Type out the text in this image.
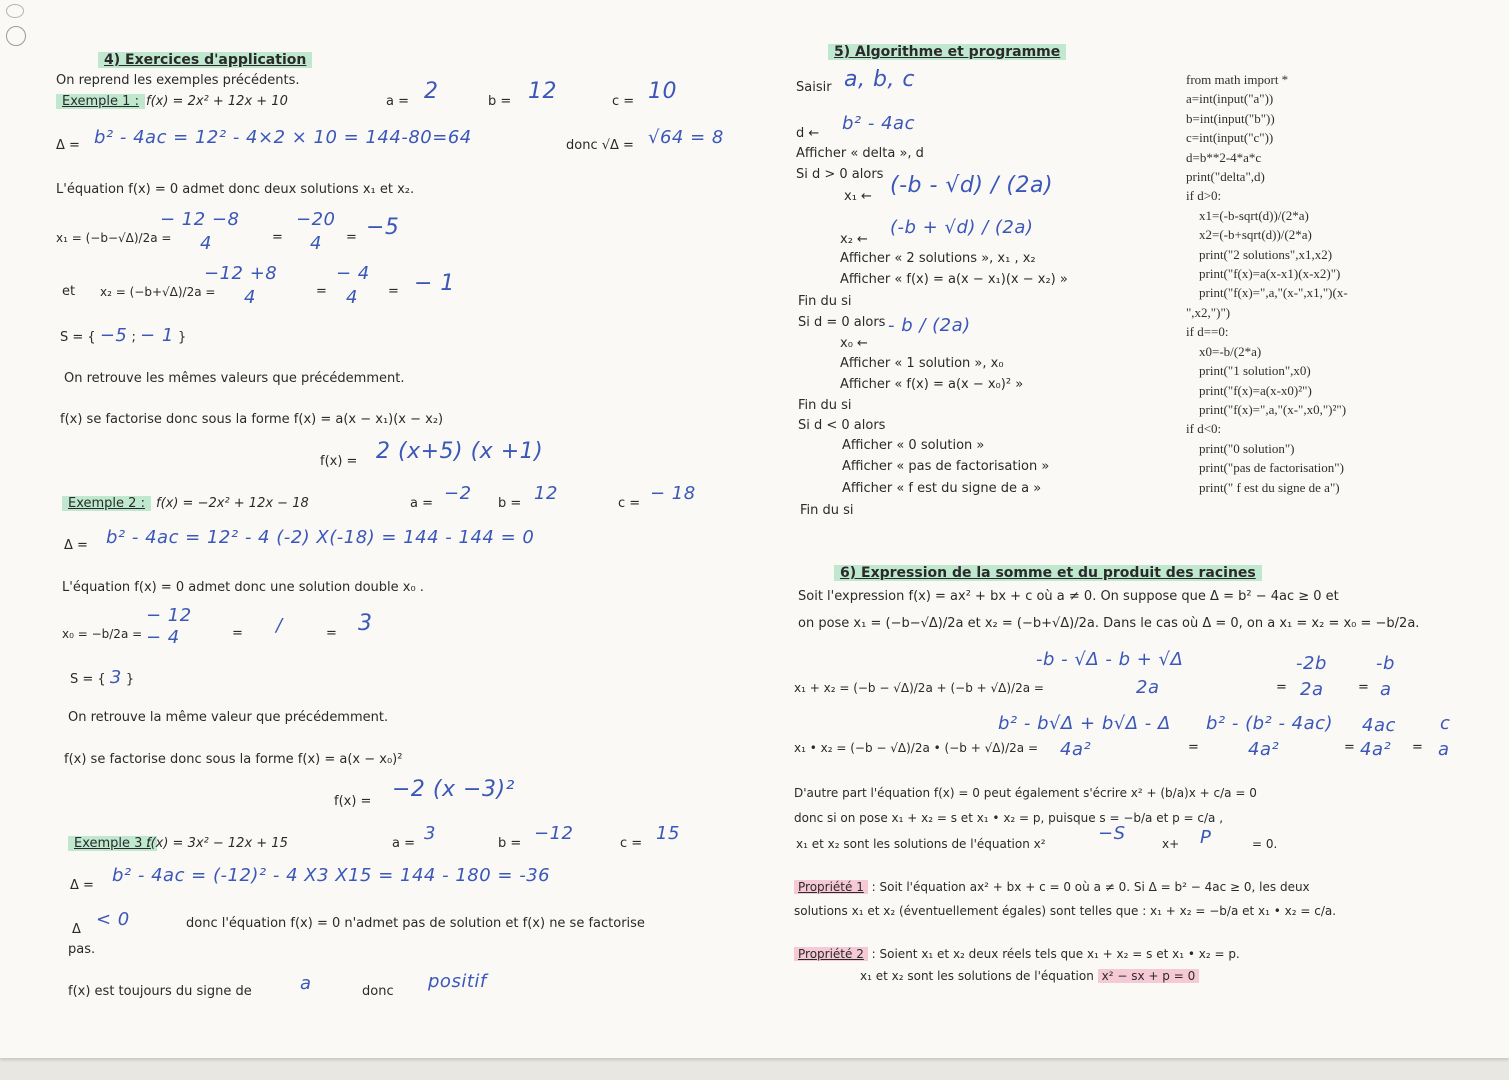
4) Exercices d'application
On reprend les exemples précédents.
Exemple 1 : f(x) = 2x² + 12x + 10	a = 2	b = 12	c = 10
Δ = b² - 4ac = 12² - 4×2 × 10 = 144-80=64	donc √Δ = √64 = 8
L'équation f(x) = 0 admet donc deux solutions x₁ et x₂.
x₁ = (−b−√Δ)/2a =
− 12 −8
4	=
−20
4 = −5
et x₂ = (−b+√Δ)/2a =
−12 +8
4	=
− 4
4 = − 1
S = { −5 ; − 1 }
On retrouve les mêmes valeurs que précédemment.
f(x) se factorise donc sous la forme f(x) = a(x − x₁)(x − x₂)
f(x) = 2 (x+5) (x +1)
Exemple 2 : f(x) = −2x² + 12x − 18	a = −2 b = 12	c = − 18
Δ = b² - 4ac = 12² - 4 (-2) X(-18) = 144 - 144 = 0
L'équation f(x) = 0 admet donc une solution double x₀ .
x₀ = −b/2a =
− 12
− 4	= /	= 3
S = { 3 }
On retrouve la même valeur que précédemment.
f(x) se factorise donc sous la forme f(x) = a(x − x₀)²
f(x) = −2 (x −3)²
Exemple 3 :
f(x) = 3x² − 12x + 15	a = 3	b = −12	c = 15
Δ = b² - 4ac = (-12)² - 4 X3 X15 = 144 - 180 = -36
Δ < 0	donc l'équation f(x) = 0 n'admet pas de solution et f(x) ne se factorise
pas.
f(x) est toujours du signe de	a	donc positif
5) Algorithme et programme
Saisir a, b, c
d ← b² - 4ac
Afficher « delta », d
Si d > 0 alors
x₁ ← (-b - √d) / (2a)
x₂ ←
(-b + √d) / (2a)
Afficher « 2 solutions », x₁ , x₂
Afficher « f(x) = a(x − x₁)(x − x₂) »
Fin du si
Si d = 0 alors
x₀ ←
- b / (2a)
Afficher « 1 solution », x₀
Afficher « f(x) = a(x − x₀)² »
Fin du si
Si d < 0 alors
Afficher « 0 solution »
Afficher « pas de factorisation »
Afficher « f est du signe de a »
Fin du si
from math import *
a=int(input("a"))
b=int(input("b"))
c=int(input("c"))
d=b**2-4*a*c
print("delta",d)
if d>0:
x1=(-b-sqrt(d))/(2*a)
x2=(-b+sqrt(d))/(2*a)
print("2 solutions",x1,x2)
print("f(x)=a(x-x1)(x-x2)")
print("f(x)=",a,"(x-",x1,")(x-
",x2,")")
if d==0:
x0=-b/(2*a)
print("1 solution",x0)
print("f(x)=a(x-x0)²")
print("f(x)=",a,"(x-",x0,")²")
if d<0:
print("0 solution")
print("pas de factorisation")
print(" f est du signe de a")
6) Expression de la somme et du produit des racines
Soit l'expression f(x) = ax² + bx + c où a ≠ 0. On suppose que Δ = b² − 4ac ≥ 0 et
on pose x₁ = (−b−√Δ)/2a et x₂ = (−b+√Δ)/2a. Dans le cas où Δ = 0, on a x₁ = x₂ = x₀ = −b/2a.
x₁ + x₂ = (−b − √Δ)/2a + (−b + √Δ)/2a =
-b - √Δ - b + √Δ
2a	=
-2b
2a	=
-b
a
x₁ • x₂ = (−b − √Δ)/2a • (−b + √Δ)/2a =
b² - b√Δ + b√Δ - Δ
4a²	=
b² - (b² - 4ac)
4a²	=
4ac
4a² =
c
a
D'autre part l'équation f(x) = 0 peut également s'écrire x² + (b/a)x + c/a = 0
donc si on pose x₁ + x₂ = s et x₁ • x₂ = p, puisque s = −b/a et p = c/a ,
x₁ et x₂ sont les solutions de l'équation x²	−S	x+ P	= 0.
Propriété 1 : Soit l'équation ax² + bx + c = 0 où a ≠ 0. Si Δ = b² − 4ac ≥ 0, les deux
solutions x₁ et x₂ (éventuellement égales) sont telles que : x₁ + x₂ = −b/a et x₁ • x₂ = c/a.
Propriété 2 : Soient x₁ et x₂ deux réels tels que x₁ + x₂ = s et x₁ • x₂ = p.
x₁ et x₂ sont les solutions de l'équation x² − sx + p = 0
